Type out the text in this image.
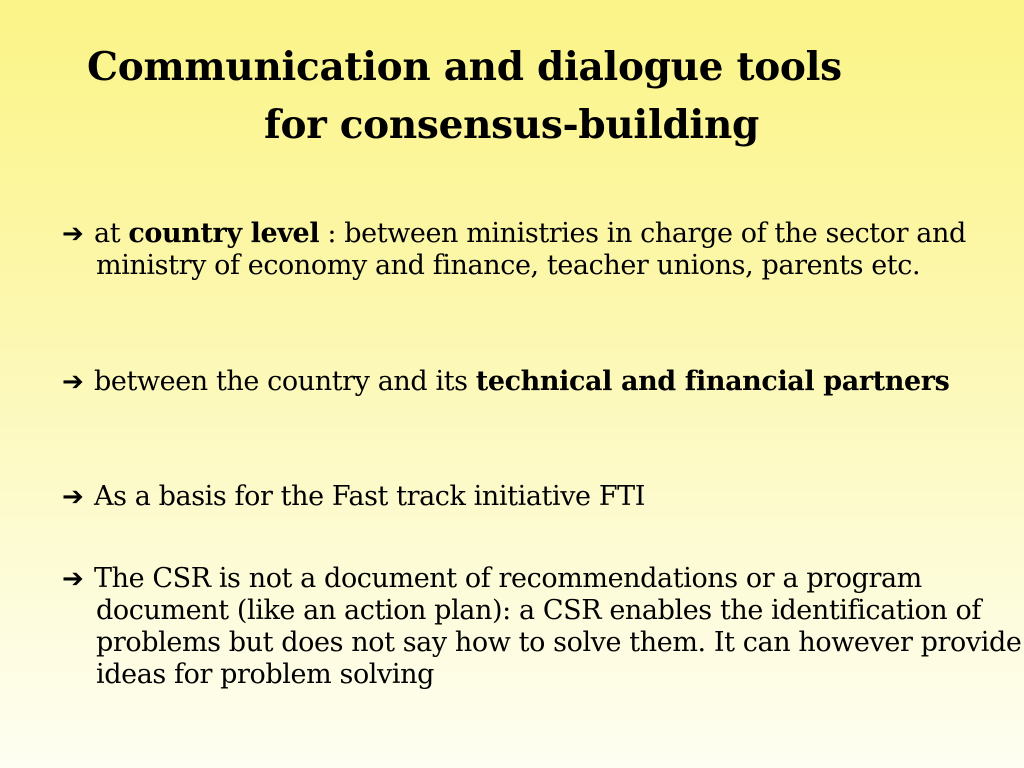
Communication and dialogue tools
for consensus-building
➔ at country level : between ministries in charge of the sector and ministry of economy and finance, teacher unions, parents etc.
➔ between the country and its technical and financial partners
➔ As a basis for the Fast track initiative FTI
➔ The CSR is not a document of recommendations or a program document (like an action plan): a CSR enables the identification of problems but does not say how to solve them. It can however provide ideas for problem solving
